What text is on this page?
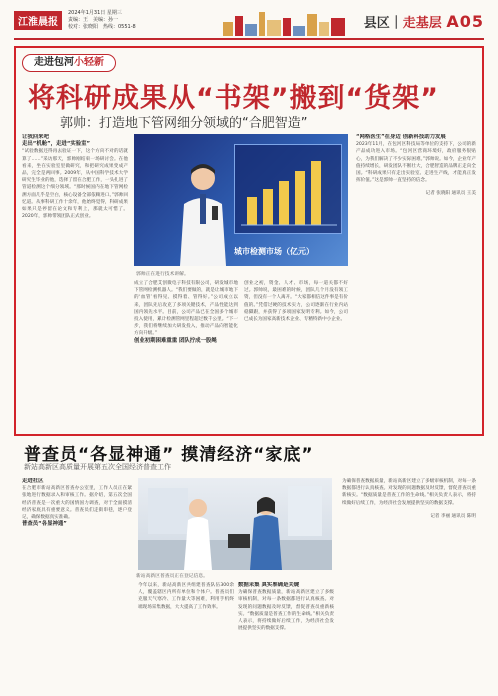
江淮晨报
2024年1月31日 星期三
责编：王　美编：孙一
校对：张晓阳　热线：0551-8	县区｜走基层 A05
走进包河小轻新
将科研成果从“书架”搬到“货架”
郭帅：打造地下管网细分领域的“合肥智造”
让我回来吧
走出“机舱”，走进“实验室”
“试验数据还得再去验证一下，这个方向不对的话就算了……”采访那天，郭帅刚结束一场研讨会。在他看来，坐在实验室里做研究，和把研究成果变成产品，完全是两回事。2009年，从中国科学技术大学研究生毕业的他，选择了留在合肥工作，一头扎进了管道检测这个细分领域。“那时候国内在地下管网检测方面几乎是空白，核心设备全部依赖进口。”郭帅回忆道。从事科研工作十余年，他始终觉得，科研成果如果只是停留在论文和专利上，那就太可惜了。2020年，郭帅带领团队正式创业。
城市检测市场（亿元）
郭帅正在进行技术讲解。
成立了合肥艾创微电子科技有限公司，研发城市地下管网检测机器人。“我们要做的，就是让城市地下的‘血管’看得见、摸得着、管得好。”公司成立以来，团队先后攻克了多项关键技术，产品性能达到国内领先水平。目前，公司产品已在全国多个城市投入使用，累计检测管网里程超过数千公里。“下一步，我们将继续加大研发投入，推动产品向智能化方向升级。”
创业初期困难重重 团队拧成一股绳
创业之初，资金、人才、市场，每一道关都不好过。郭帅说，最困难的时候，团队几个月没有领工资，但没有一个人离开。“大家都相信这件事是有价值的。”凭借过硬的技术实力，公司逐渐在行业内站稳脚跟，并获得了多项国家发明专利。如今，公司已成长为国家高新技术企业、专精特新中小企业。
“网格医生”在身边 创新科技助力发展
2023年11月，在包河区科技局等单位的支持下，公司的新产品成功进入市场。“包河区营商环境好，政府服务很贴心，为我们解决了不少实际困难。”郭帅说。如今，企业年产值持续增长，研发团队不断壮大，合肥智造的品牌正走向全国。“科研成果只有走出实验室、走进生产线，才能真正发挥价值。”这是郭帅一直坚持的信念。
记者 张晓阳 通讯员 王美
普查员“各显神通” 摸清经济“家底”
新站高新区高质量开展第五次全国经济普查工作
走进社区
在合肥市新站高新区普查办公室里，工作人员正在紧张地进行数据录入和审核工作。据介绍，第五次全国经济普查是一次重大的国情国力调查，对于全面摸清经济家底具有重要意义。普查员们走街串巷，逐户登记，确保数据真实准确。
普查员“各显神通”
新站高新区普查员正在登记信息。
今年以来，新站高新区共组建普查队伍300余人，覆盖辖区内所有单位和个体户。普查员们克服天气寒冷、工作量大等困难，利用手机终端现场采集数据，大大提高了工作效率。
数据采集 真实准确是关键
为确保普查数据质量，新站高新区建立了多级审核机制，对每一条数据都进行认真核查。对发现的问题数据及时反馈，督促普查员重新核实。“数据质量是普查工作的生命线。”相关负责人表示，将持续做好后续工作，为经济社会发展提供坚实的数据支撑。
为确保普查数据质量，新站高新区建立了多级审核机制，对每一条数据都进行认真核查。对发现的问题数据及时反馈，督促普查员重新核实。“数据质量是普查工作的生命线。”相关负责人表示，将持续做好后续工作，为经济社会发展提供坚实的数据支撑。
记者 李丽 通讯员 陈明
